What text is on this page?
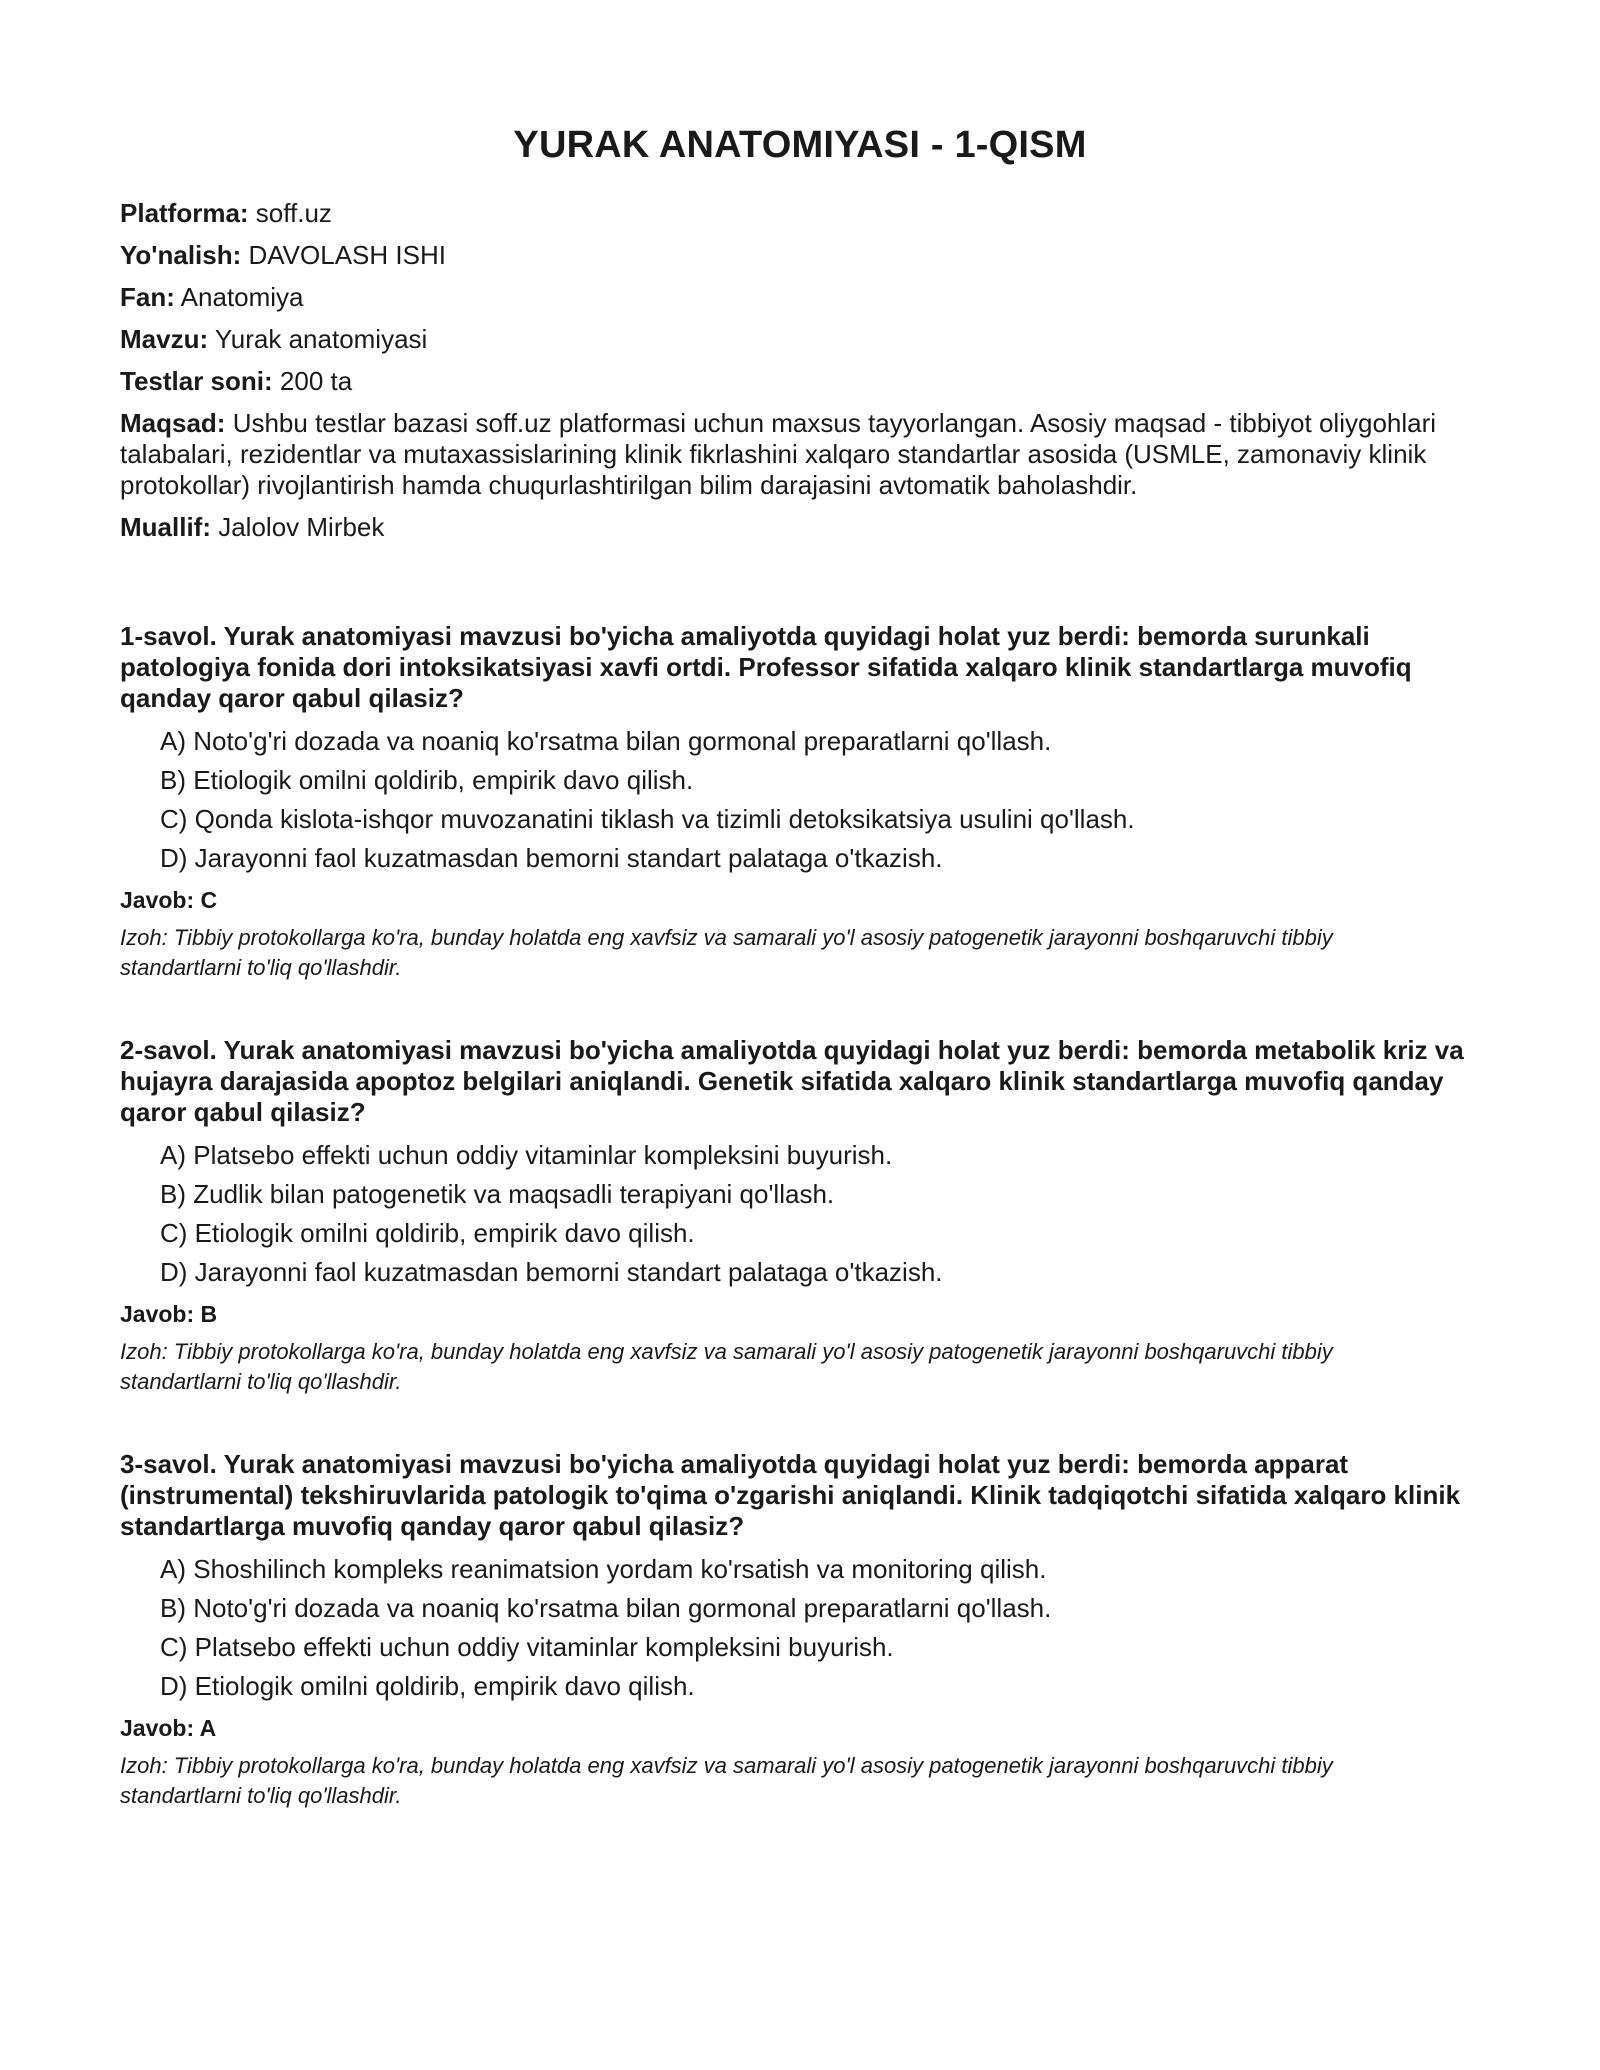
YURAK ANATOMIYASI - 1-QISM
Platforma: soff.uz
Yo'nalish: DAVOLASH ISHI
Fan: Anatomiya
Mavzu: Yurak anatomiyasi
Testlar soni: 200 ta
Maqsad: Ushbu testlar bazasi soff.uz platformasi uchun maxsus tayyorlangan. Asosiy maqsad - tibbiyot oliygohlari talabalari, rezidentlar va mutaxassislarining klinik fikrlashini xalqaro standartlar asosida (USMLE, zamonaviy klinik protokollar) rivojlantirish hamda chuqurlashtirilgan bilim darajasini avtomatik baholashdir.
Muallif: Jalolov Mirbek
1-savol. Yurak anatomiyasi mavzusi bo'yicha amaliyotda quyidagi holat yuz berdi: bemorda surunkali patologiya fonida dori intoksikatsiyasi xavfi ortdi. Professor sifatida xalqaro klinik standartlarga muvofiq qanday qaror qabul qilasiz?
A) Noto'g'ri dozada va noaniq ko'rsatma bilan gormonal preparatlarni qo'llash.
B) Etiologik omilni qoldirib, empirik davo qilish.
C) Qonda kislota-ishqor muvozanatini tiklash va tizimli detoksikatsiya usulini qo'llash.
D) Jarayonni faol kuzatmasdan bemorni standart palataga o'tkazish.
Javob: C
Izoh: Tibbiy protokollarga ko'ra, bunday holatda eng xavfsiz va samarali yo'l asosiy patogenetik jarayonni boshqaruvchi tibbiy standartlarni to'liq qo'llashdir.
2-savol. Yurak anatomiyasi mavzusi bo'yicha amaliyotda quyidagi holat yuz berdi: bemorda metabolik kriz va hujayra darajasida apoptoz belgilari aniqlandi. Genetik sifatida xalqaro klinik standartlarga muvofiq qanday qaror qabul qilasiz?
A) Platsebo effekti uchun oddiy vitaminlar kompleksini buyurish.
B) Zudlik bilan patogenetik va maqsadli terapiyani qo'llash.
C) Etiologik omilni qoldirib, empirik davo qilish.
D) Jarayonni faol kuzatmasdan bemorni standart palataga o'tkazish.
Javob: B
Izoh: Tibbiy protokollarga ko'ra, bunday holatda eng xavfsiz va samarali yo'l asosiy patogenetik jarayonni boshqaruvchi tibbiy standartlarni to'liq qo'llashdir.
3-savol. Yurak anatomiyasi mavzusi bo'yicha amaliyotda quyidagi holat yuz berdi: bemorda apparat (instrumental) tekshiruvlarida patologik to'qima o'zgarishi aniqlandi. Klinik tadqiqotchi sifatida xalqaro klinik standartlarga muvofiq qanday qaror qabul qilasiz?
A) Shoshilinch kompleks reanimatsion yordam ko'rsatish va monitoring qilish.
B) Noto'g'ri dozada va noaniq ko'rsatma bilan gormonal preparatlarni qo'llash.
C) Platsebo effekti uchun oddiy vitaminlar kompleksini buyurish.
D) Etiologik omilni qoldirib, empirik davo qilish.
Javob: A
Izoh: Tibbiy protokollarga ko'ra, bunday holatda eng xavfsiz va samarali yo'l asosiy patogenetik jarayonni boshqaruvchi tibbiy standartlarni to'liq qo'llashdir.
